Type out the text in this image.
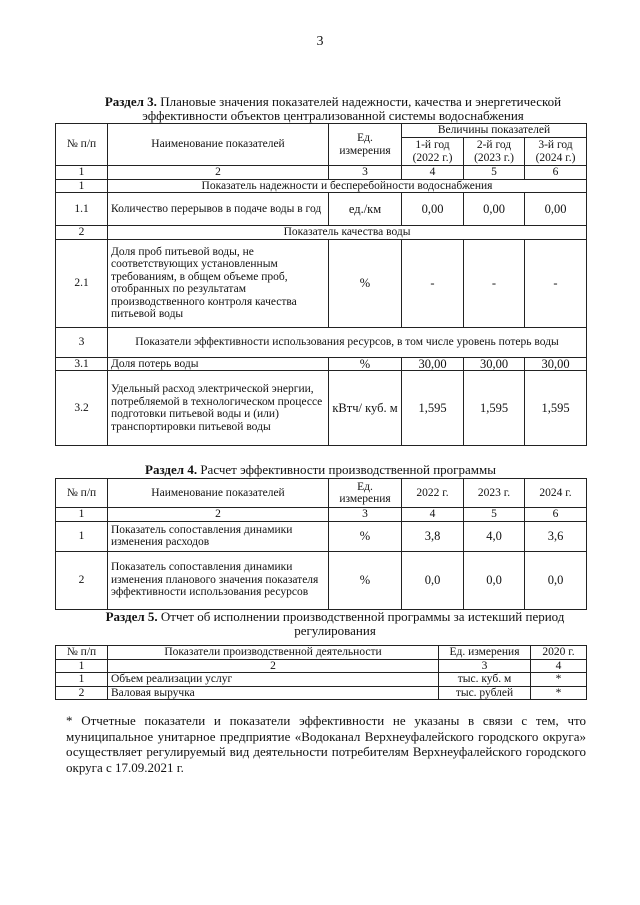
3
Раздел 3. Плановые значения показателей надежности, качества и энергетической эффективности объектов централизованной системы водоснабжения
№ п/п	Наименование показателей	Ед. измерения	Величины показателей		
			1-й год (2022 г.)	2-й год (2023 г.)	3-й год (2024 г.)
1	2	3	4	5	6
1	Показатель надежности и бесперебойности водоснабжения				
1.1	Количество перерывов в подаче воды в год	ед./км	0,00	0,00	0,00
2	Показатель качества воды				
2.1	Доля проб питьевой воды, не соответствующих установленным требованиям, в общем объеме проб, отобранных по результатам производственного контроля качества питьевой воды	%	-	-	-
3	Показатели эффективности использования ресурсов, в том числе уровень потерь воды				
3.1	Доля потерь воды	%	30,00	30,00	30,00
3.2	Удельный расход электрической энергии, потребляемой в технологическом процессе подготовки питьевой воды и (или) транспортировки питьевой воды	кВтч/ куб. м	1,595	1,595	1,595
Раздел 4. Расчет эффективности производственной программы
№ п/п	Наименование показателей	Ед. измерения	2022 г.	2023 г.	2024 г.
1	2	3	4	5	6
1	Показатель сопоставления динамики изменения расходов	%	3,8	4,0	3,6
2	Показатель сопоставления динамики изменения планового значения показателя эффективности использования ресурсов	%	0,0	0,0	0,0
Раздел 5. Отчет об исполнении производственной программы за истекший период регулирования
№ п/п	Показатели производственной деятельности	Ед. измерения	2020 г.
1	2	3	4
1	Объем реализации услуг	тыс. куб. м	*
2	Валовая выручка	тыс. рублей	*
* Отчетные показатели и показатели эффективности не указаны в связи с тем, что муниципальное унитарное предприятие «Водоканал Верхнеуфалейского городского округа» осуществляет регулируемый вид деятельности потребителям Верхнеуфалейского городского округа с 17.09.2021 г.
